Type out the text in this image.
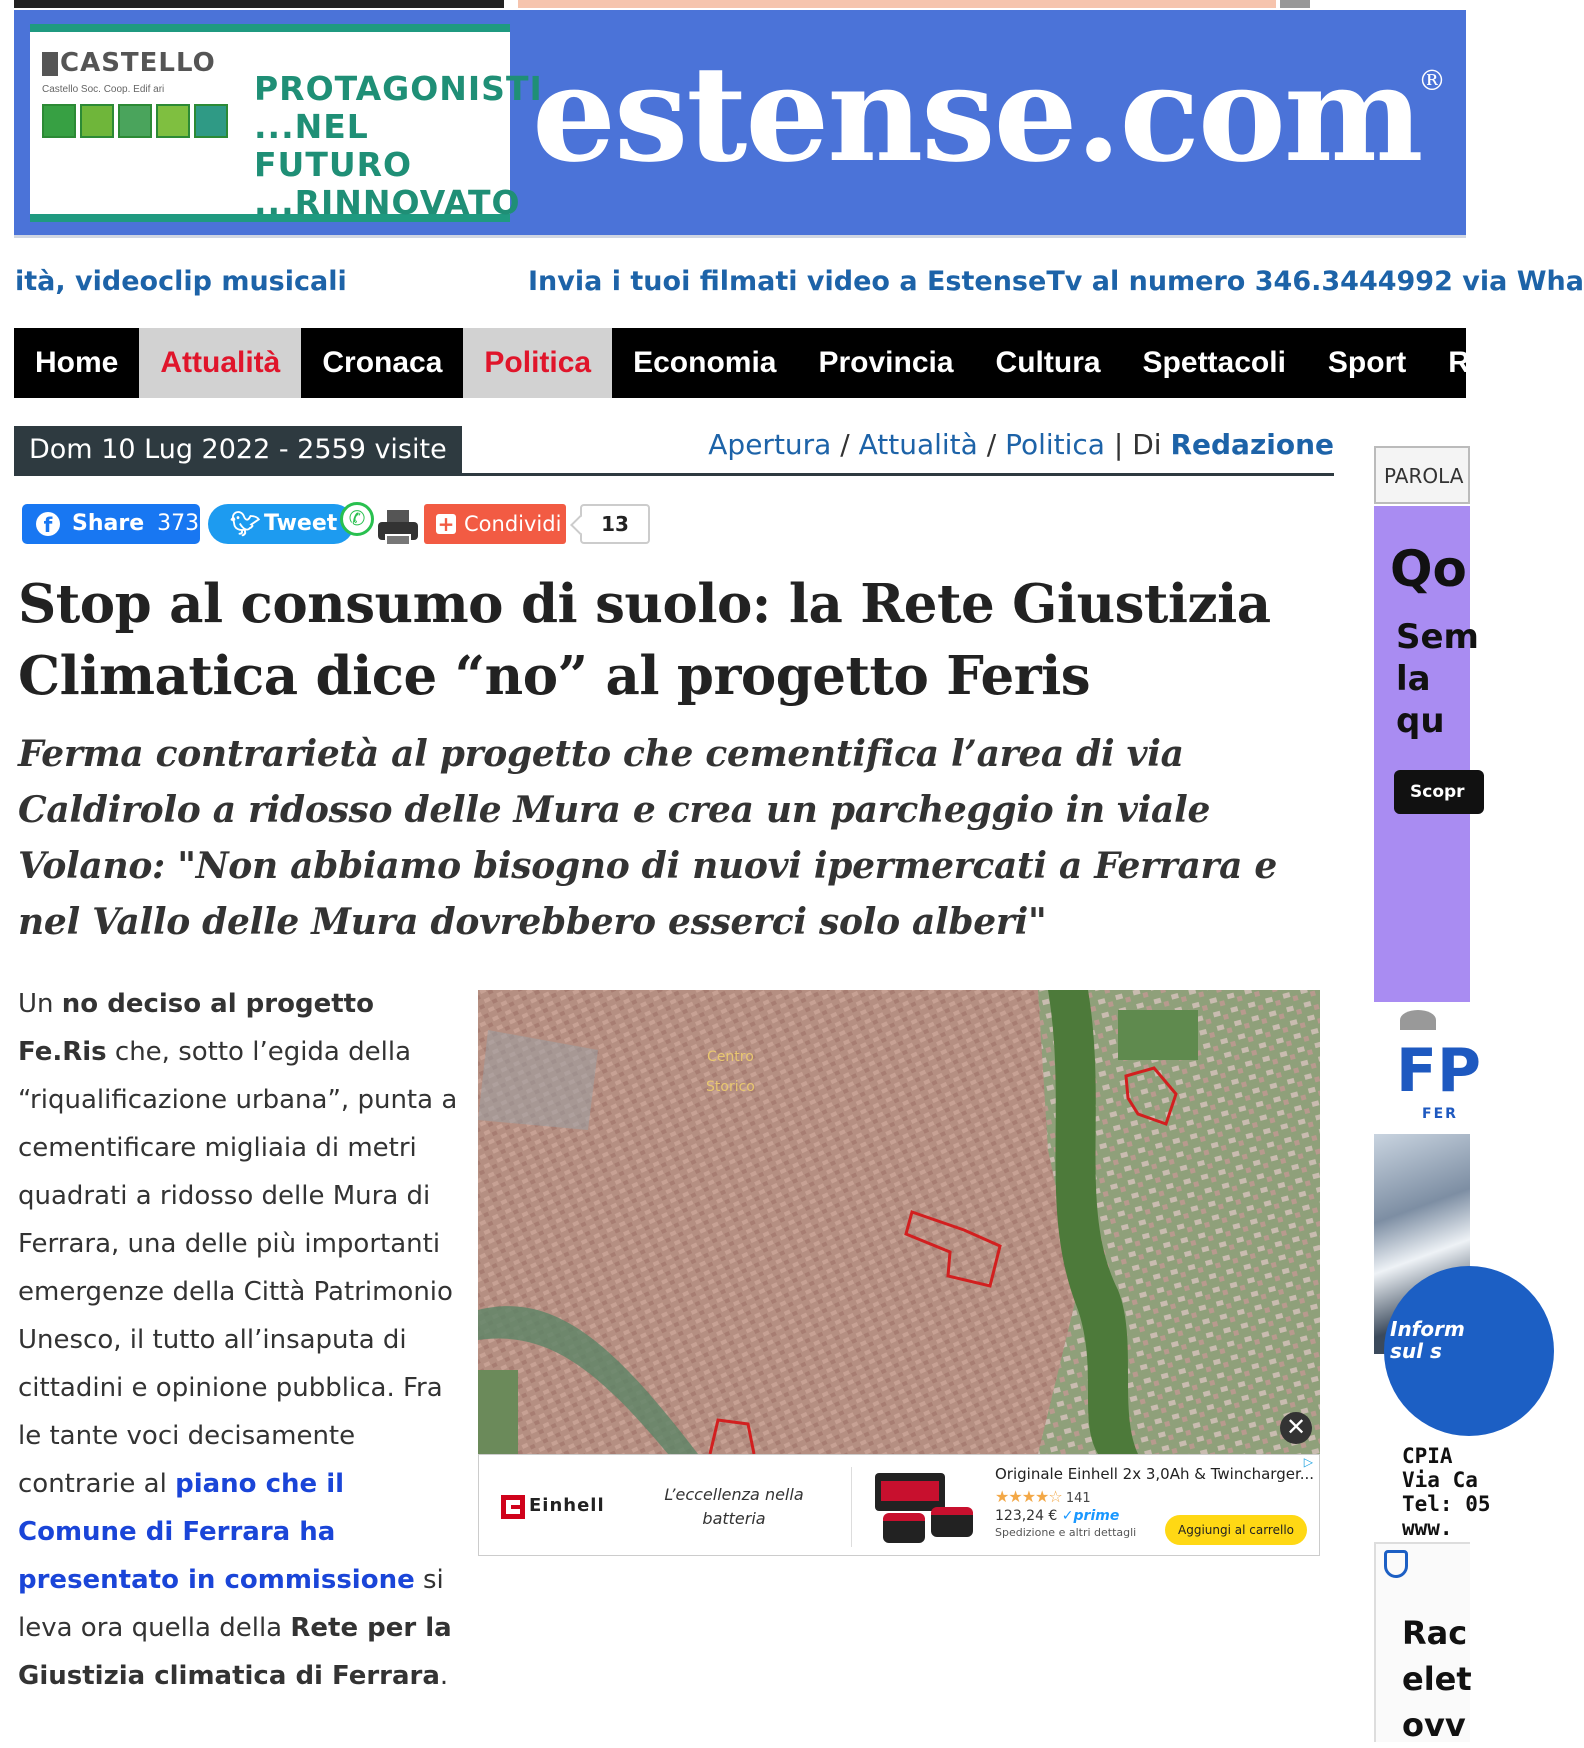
CASTELLO
Castello Soc. Coop. Edif ari	PROTAGONISTI
...NEL FUTURO
...RINNOVATO
estense.com
®
ità, videoclip musicali	Invia i tuoi filmati video a EstenseTv al numero 346.3444992 via Wha
Home	Attualità	Cronaca	Politica	Economia	Provincia	Cultura	Spettacoli	Sport	Ru
Dom 10 Lug 2022 - 2559 visite	Apertura / Attualità / Politica | Di Redazione
f Share 373 🐦︎ Tweet ✆	+ Condividi	13
Stop al consumo di suolo: la Rete Giustizia Climatica dice “no” al progetto Feris
Ferma contrarietà al progetto che cementifica l’area di via Caldirolo a ridosso delle Mura e crea un parcheggio in viale Volano: "Non abbiamo bisogno di nuovi ipermercati a Ferrara e nel Vallo delle Mura dovrebbero esserci solo alberi"
Un no deciso al progetto Fe.Ris che, sotto l’egida della “riqualificazione urbana”, punta a cementificare migliaia di metri quadrati a ridosso delle Mura di Ferrara, una delle più importanti emergenze della Città Patrimonio Unesco, il tutto all’insaputa di cittadini e opinione pubblica. Fra le tante voci decisamente contrarie al piano che il Comune di Ferrara ha presentato in commissione si leva ora quella della Rete per la Giustizia climatica di Ferrara.
Centro
Storico
✕
Einhell
L’eccellenza nella batteria
Originale Einhell 2x 3,0Ah & Twincharger...
★★★★☆ 141
123,24 € ✓prime
Spedizione e altri dettagli	Aggiungi al carrello
▷
PAROLA
Qo
Sem
la qu
Scopr
FP
FER
Inform
sul s
CPIA
Via Ca
Tel: 05
www.
Rac
elet
ovv
